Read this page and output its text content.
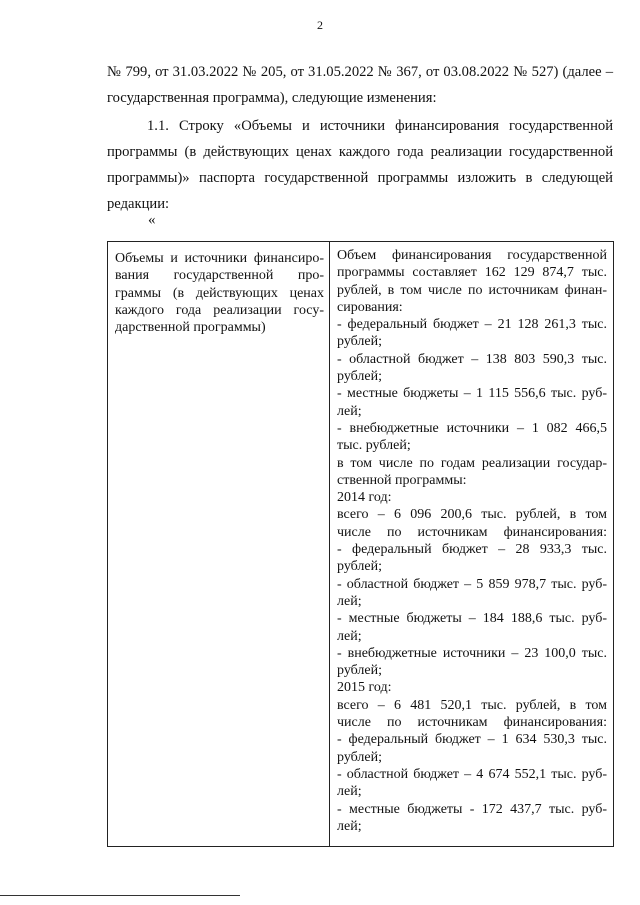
2
№ 799, от 31.03.2022 № 205, от 31.05.2022 № 367, от 03.08.2022 № 527) (далее – государственная программа), следующие изменения:
1.1. Строку «Объемы и источники финансирования государственной программы (в действующих ценах каждого года реализации государственной программы)» паспорта государственной программы изложить в следующей редакции:
«
Объемы и источники финансиро-
вания государственной про-
граммы (в действующих ценах
каждого года реализации госу-
дарственной программы)
Объем финансирования государственной
программы составляет 162 129 874,7 тыс.
рублей, в том числе по источникам финан-
сирования:
- федеральный бюджет – 21 128 261,3 тыс.
рублей;
- областной бюджет – 138 803 590,3 тыс.
рублей;
- местные бюджеты – 1 115 556,6 тыс. руб-
лей;
- внебюджетные источники – 1 082 466,5
тыс. рублей;
в том числе по годам реализации государ-
ственной программы:
2014 год:
всего – 6 096 200,6 тыс. рублей, в том
числе по источникам финансирования:
- федеральный бюджет – 28 933,3 тыс.
рублей;
- областной бюджет – 5 859 978,7 тыс. руб-
лей;
- местные бюджеты – 184 188,6 тыс. руб-
лей;
- внебюджетные источники – 23 100,0 тыс.
рублей;
2015 год:
всего – 6 481 520,1 тыс. рублей, в том
числе по источникам финансирования:
- федеральный бюджет – 1 634 530,3 тыс.
рублей;
- областной бюджет – 4 674 552,1 тыс. руб-
лей;
- местные бюджеты - 172 437,7 тыс. руб-
лей;
